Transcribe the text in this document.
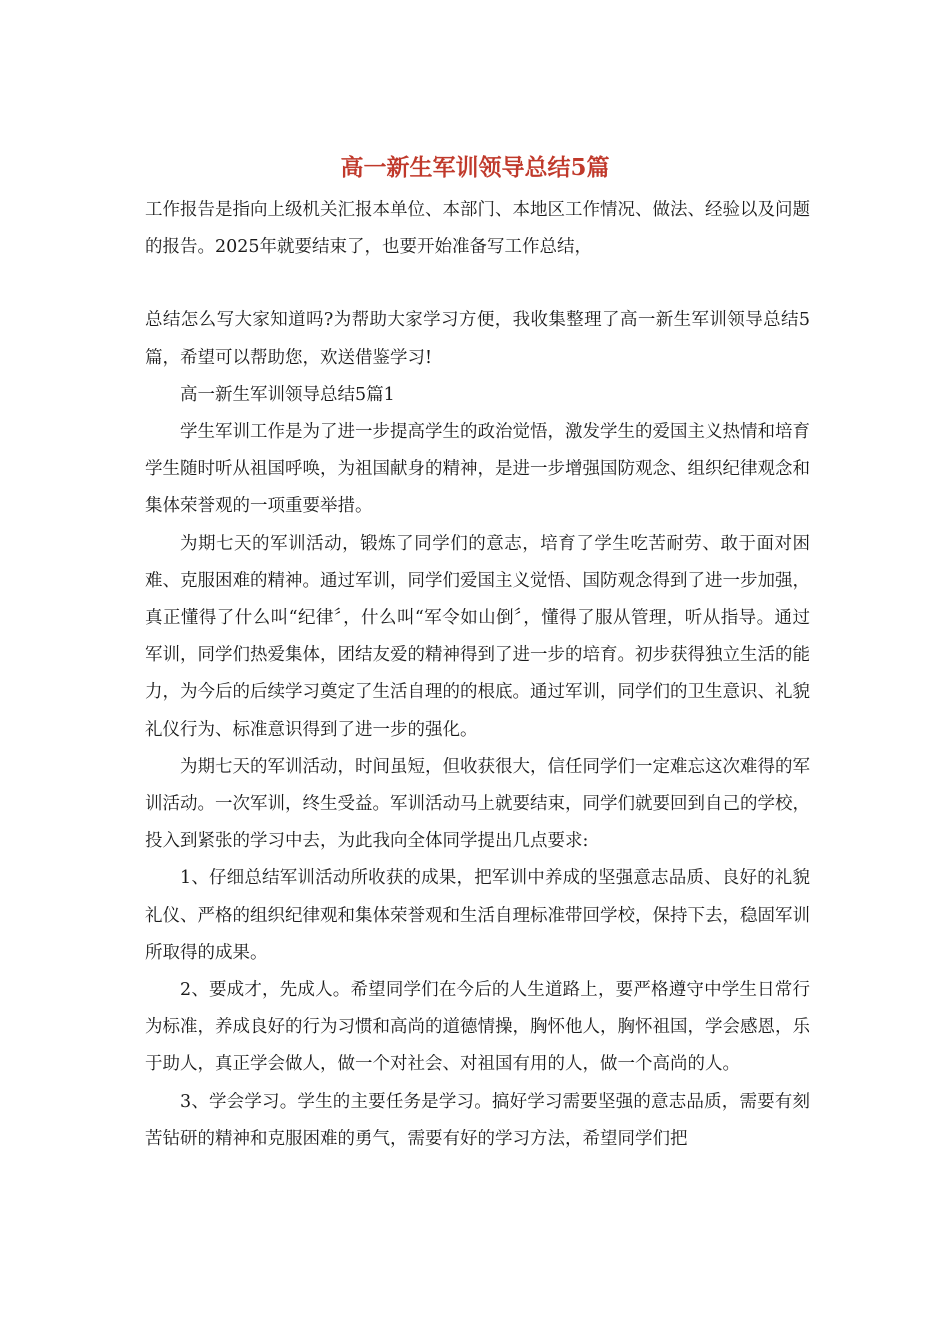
高一新生军训领导总结5篇

工作报告是指向上级机关汇报本单位、本部门、本地区工作情况、做法、经验以及问题的报告。2025年就要结束了，也要开始准备写工作总结，

总结怎么写大家知道吗?为帮助大家学习方便，我收集整理了高一新生军训领导总结5篇，希望可以帮助您，欢送借鉴学习!

高一新生军训领导总结5篇1

学生军训工作是为了进一步提高学生的政治觉悟，激发学生的爱国主义热情和培育学生随时听从祖国呼唤，为祖国献身的精神，是进一步增强国防观念、组织纪律观念和集体荣誉观的一项重要举措。

为期七天的军训活动，锻炼了同学们的意志，培育了学生吃苦耐劳、敢于面对困难、克服困难的精神。通过军训，同学们爱国主义觉悟、国防观念得到了进一步加强，真正懂得了什么叫“纪律〞，什么叫“军令如山倒〞，懂得了服从管理，听从指导。通过军训，同学们热爱集体，团结友爱的精神得到了进一步的培育。初步获得独立生活的能力，为今后的后续学习奠定了生活自理的的根底。通过军训，同学们的卫生意识、礼貌礼仪行为、标准意识得到了进一步的强化。

为期七天的军训活动，时间虽短，但收获很大，信任同学们一定难忘这次难得的军训活动。一次军训，终生受益。军训活动马上就要结束，同学们就要回到自己的学校，投入到紧张的学习中去，为此我向全体同学提出几点要求:

1、仔细总结军训活动所收获的成果，把军训中养成的坚强意志品质、良好的礼貌礼仪、严格的组织纪律观和集体荣誉观和生活自理标准带回学校，保持下去，稳固军训所取得的成果。

2、要成才，先成人。希望同学们在今后的人生道路上，要严格遵守中学生日常行为标准，养成良好的行为习惯和高尚的道德情操，胸怀他人，胸怀祖国，学会感恩，乐于助人，真正学会做人，做一个对社会、对祖国有用的人，做一个高尚的人。

3、学会学习。学生的主要任务是学习。搞好学习需要坚强的意志品质，需要有刻苦钻研的精神和克服困难的勇气，需要有好的学习方法，希望同学们把
